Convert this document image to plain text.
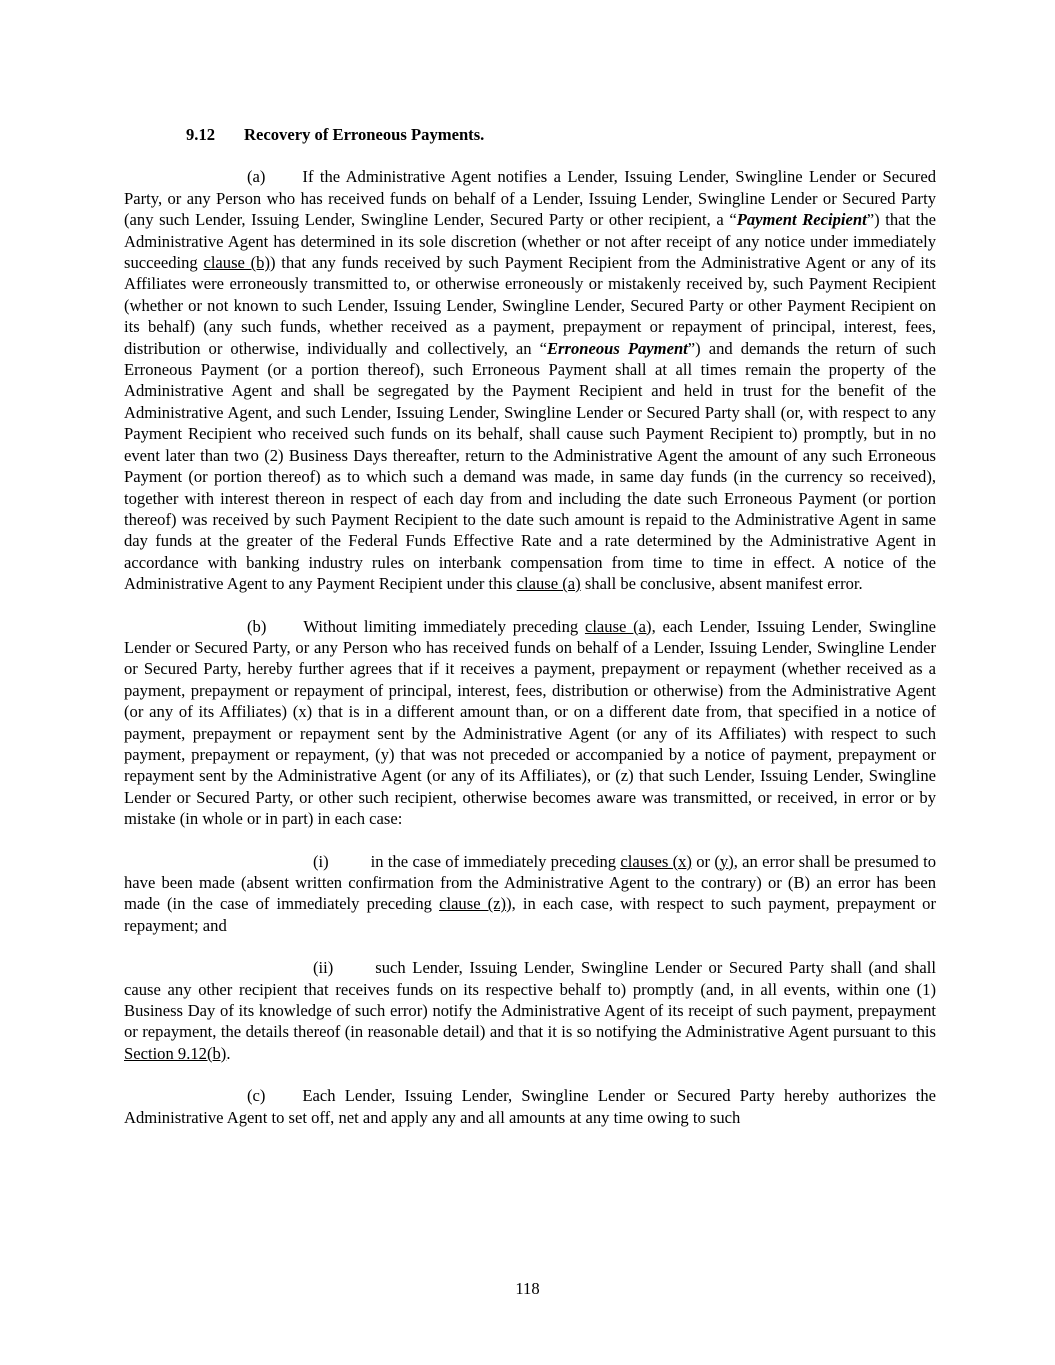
9.12 Recovery of Erroneous Payments.

(a) If the Administrative Agent notifies a Lender, Issuing Lender, Swingline Lender or Secured Party, or any Person who has received funds on behalf of a Lender, Issuing Lender, Swingline Lender or Secured Party (any such Lender, Issuing Lender, Swingline Lender, Secured Party or other recipient, a “Payment Recipient”) that the Administrative Agent has determined in its sole discretion (whether or not after receipt of any notice under immediately succeeding clause (b)) that any funds received by such Payment Recipient from the Administrative Agent or any of its Affiliates were erroneously transmitted to, or otherwise erroneously or mistakenly received by, such Payment Recipient (whether or not known to such Lender, Issuing Lender, Swingline Lender, Secured Party or other Payment Recipient on its behalf) (any such funds, whether received as a payment, prepayment or repayment of principal, interest, fees, distribution or otherwise, individually and collectively, an “Erroneous Payment”) and demands the return of such Erroneous Payment (or a portion thereof), such Erroneous Payment shall at all times remain the property of the Administrative Agent and shall be segregated by the Payment Recipient and held in trust for the benefit of the Administrative Agent, and such Lender, Issuing Lender, Swingline Lender or Secured Party shall (or, with respect to any Payment Recipient who received such funds on its behalf, shall cause such Payment Recipient to) promptly, but in no event later than two (2) Business Days thereafter, return to the Administrative Agent the amount of any such Erroneous Payment (or portion thereof) as to which such a demand was made, in same day funds (in the currency so received), together with interest thereon in respect of each day from and including the date such Erroneous Payment (or portion thereof) was received by such Payment Recipient to the date such amount is repaid to the Administrative Agent in same day funds at the greater of the Federal Funds Effective Rate and a rate determined by the Administrative Agent in accordance with banking industry rules on interbank compensation from time to time in effect. A notice of the Administrative Agent to any Payment Recipient under this clause (a) shall be conclusive, absent manifest error.

(b) Without limiting immediately preceding clause (a), each Lender, Issuing Lender, Swingline Lender or Secured Party, or any Person who has received funds on behalf of a Lender, Issuing Lender, Swingline Lender or Secured Party, hereby further agrees that if it receives a payment, prepayment or repayment (whether received as a payment, prepayment or repayment of principal, interest, fees, distribution or otherwise) from the Administrative Agent (or any of its Affiliates) (x) that is in a different amount than, or on a different date from, that specified in a notice of payment, prepayment or repayment sent by the Administrative Agent (or any of its Affiliates) with respect to such payment, prepayment or repayment, (y) that was not preceded or accompanied by a notice of payment, prepayment or repayment sent by the Administrative Agent (or any of its Affiliates), or (z) that such Lender, Issuing Lender, Swingline Lender or Secured Party, or other such recipient, otherwise becomes aware was transmitted, or received, in error or by mistake (in whole or in part) in each case:

(i)	in the case of immediately preceding clauses (x) or (y), an error shall be presumed to have been made (absent written confirmation from the Administrative Agent to the contrary) or (B) an error has been made (in the case of immediately preceding clause (z)), in each case, with respect to such payment, prepayment or repayment; and

(ii)	such Lender, Issuing Lender, Swingline Lender or Secured Party shall (and shall cause any other recipient that receives funds on its respective behalf to) promptly (and, in all events, within one (1) Business Day of its knowledge of such error) notify the Administrative Agent of its receipt of such payment, prepayment or repayment, the details thereof (in reasonable detail) and that it is so notifying the Administrative Agent pursuant to this Section 9.12(b).

(c) Each Lender, Issuing Lender, Swingline Lender or Secured Party hereby authorizes the Administrative Agent to set off, net and apply any and all amounts at any time owing to such

118
